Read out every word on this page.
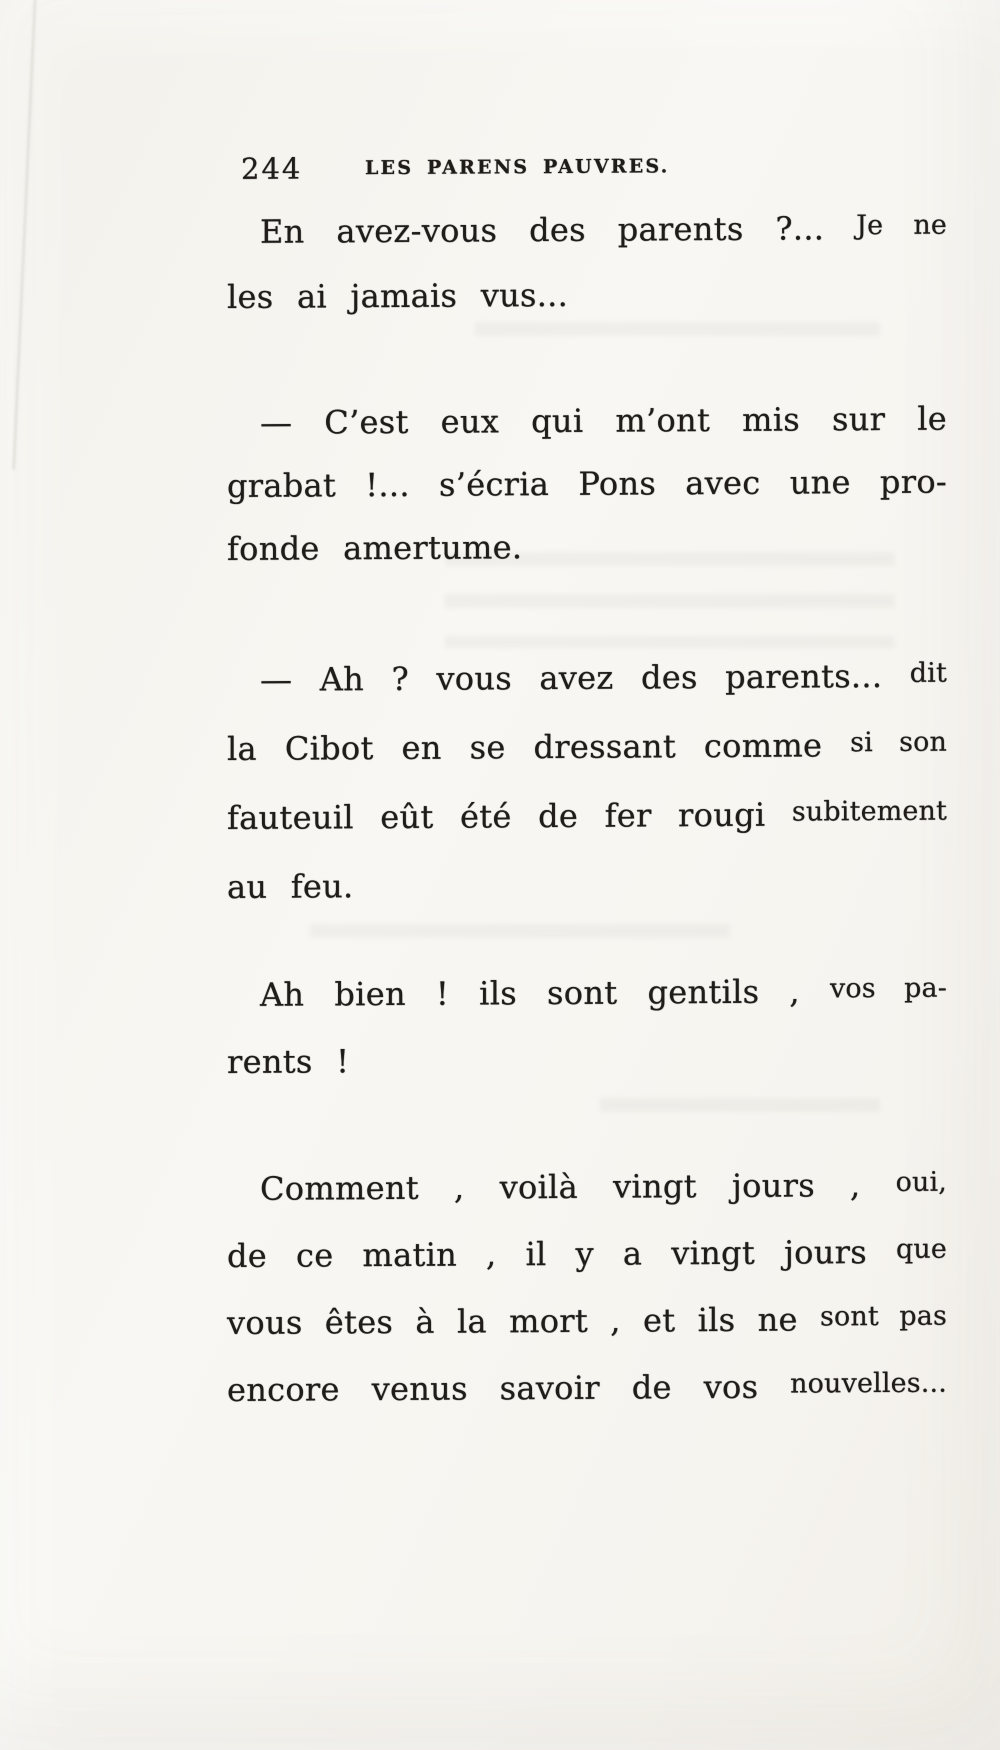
244	LES PARENS PAUVRES.
En avez-vous des parents ?... Je ne
les ai jamais vus...
— C’est eux qui m’ont mis sur le
grabat !... s’écria Pons avec une pro-
fonde amertume.
— Ah ? vous avez des parents... dit
la Cibot en se dressant comme si son
fauteuil eût été de fer rougi subitement
au feu.
Ah bien ! ils sont gentils , vos pa-
rents !
Comment , voilà vingt jours , oui,
de ce matin , il y a vingt jours que
vous êtes à la mort , et ils ne sont pas
encore venus savoir de vos nouvelles...
